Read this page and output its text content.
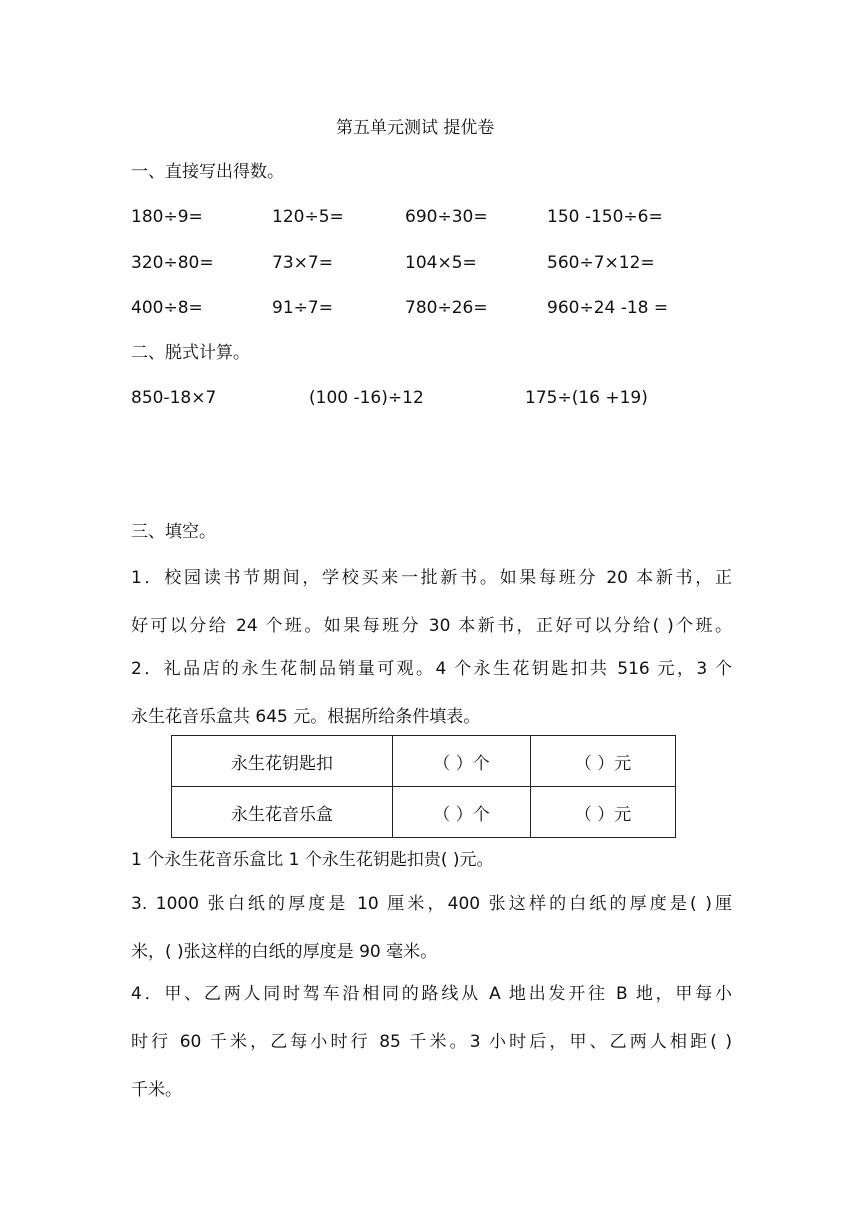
第五单元测试 提优卷
一、直接写出得数。
180÷9=	120÷5=	690÷30=	150 -150÷6=
320÷80=	73×7=	104×5=	560÷7×12=
400÷8=	91÷7=	780÷26=	960÷24 -18 =
二、脱式计算。
850-18×7	(100 -16)÷12	175÷(16 +19)
三、填空。
1．校园读书节期间，学校买来一批新书。如果每班分 20 本新书，正
好可以分给 24 个班。如果每班分 30 本新书，正好可以分给( )个班。
2．礼品店的永生花制品销量可观。4 个永生花钥匙扣共 516 元，3 个
永生花音乐盒共 645 元。根据所给条件填表。
永生花钥匙扣	（ ）个	（ ）元
永生花音乐盒	（ ）个	（ ）元
1 个永生花音乐盒比 1 个永生花钥匙扣贵( )元。
3. 1000 张白纸的厚度是 10 厘米，400 张这样的白纸的厚度是( )厘
米，( )张这样的白纸的厚度是 90 毫米。
4．甲、乙两人同时驾车沿相同的路线从 A 地出发开往 B 地，甲每小
时行 60 千米，乙每小时行 85 千米。3 小时后，甲、乙两人相距( )
千米。
